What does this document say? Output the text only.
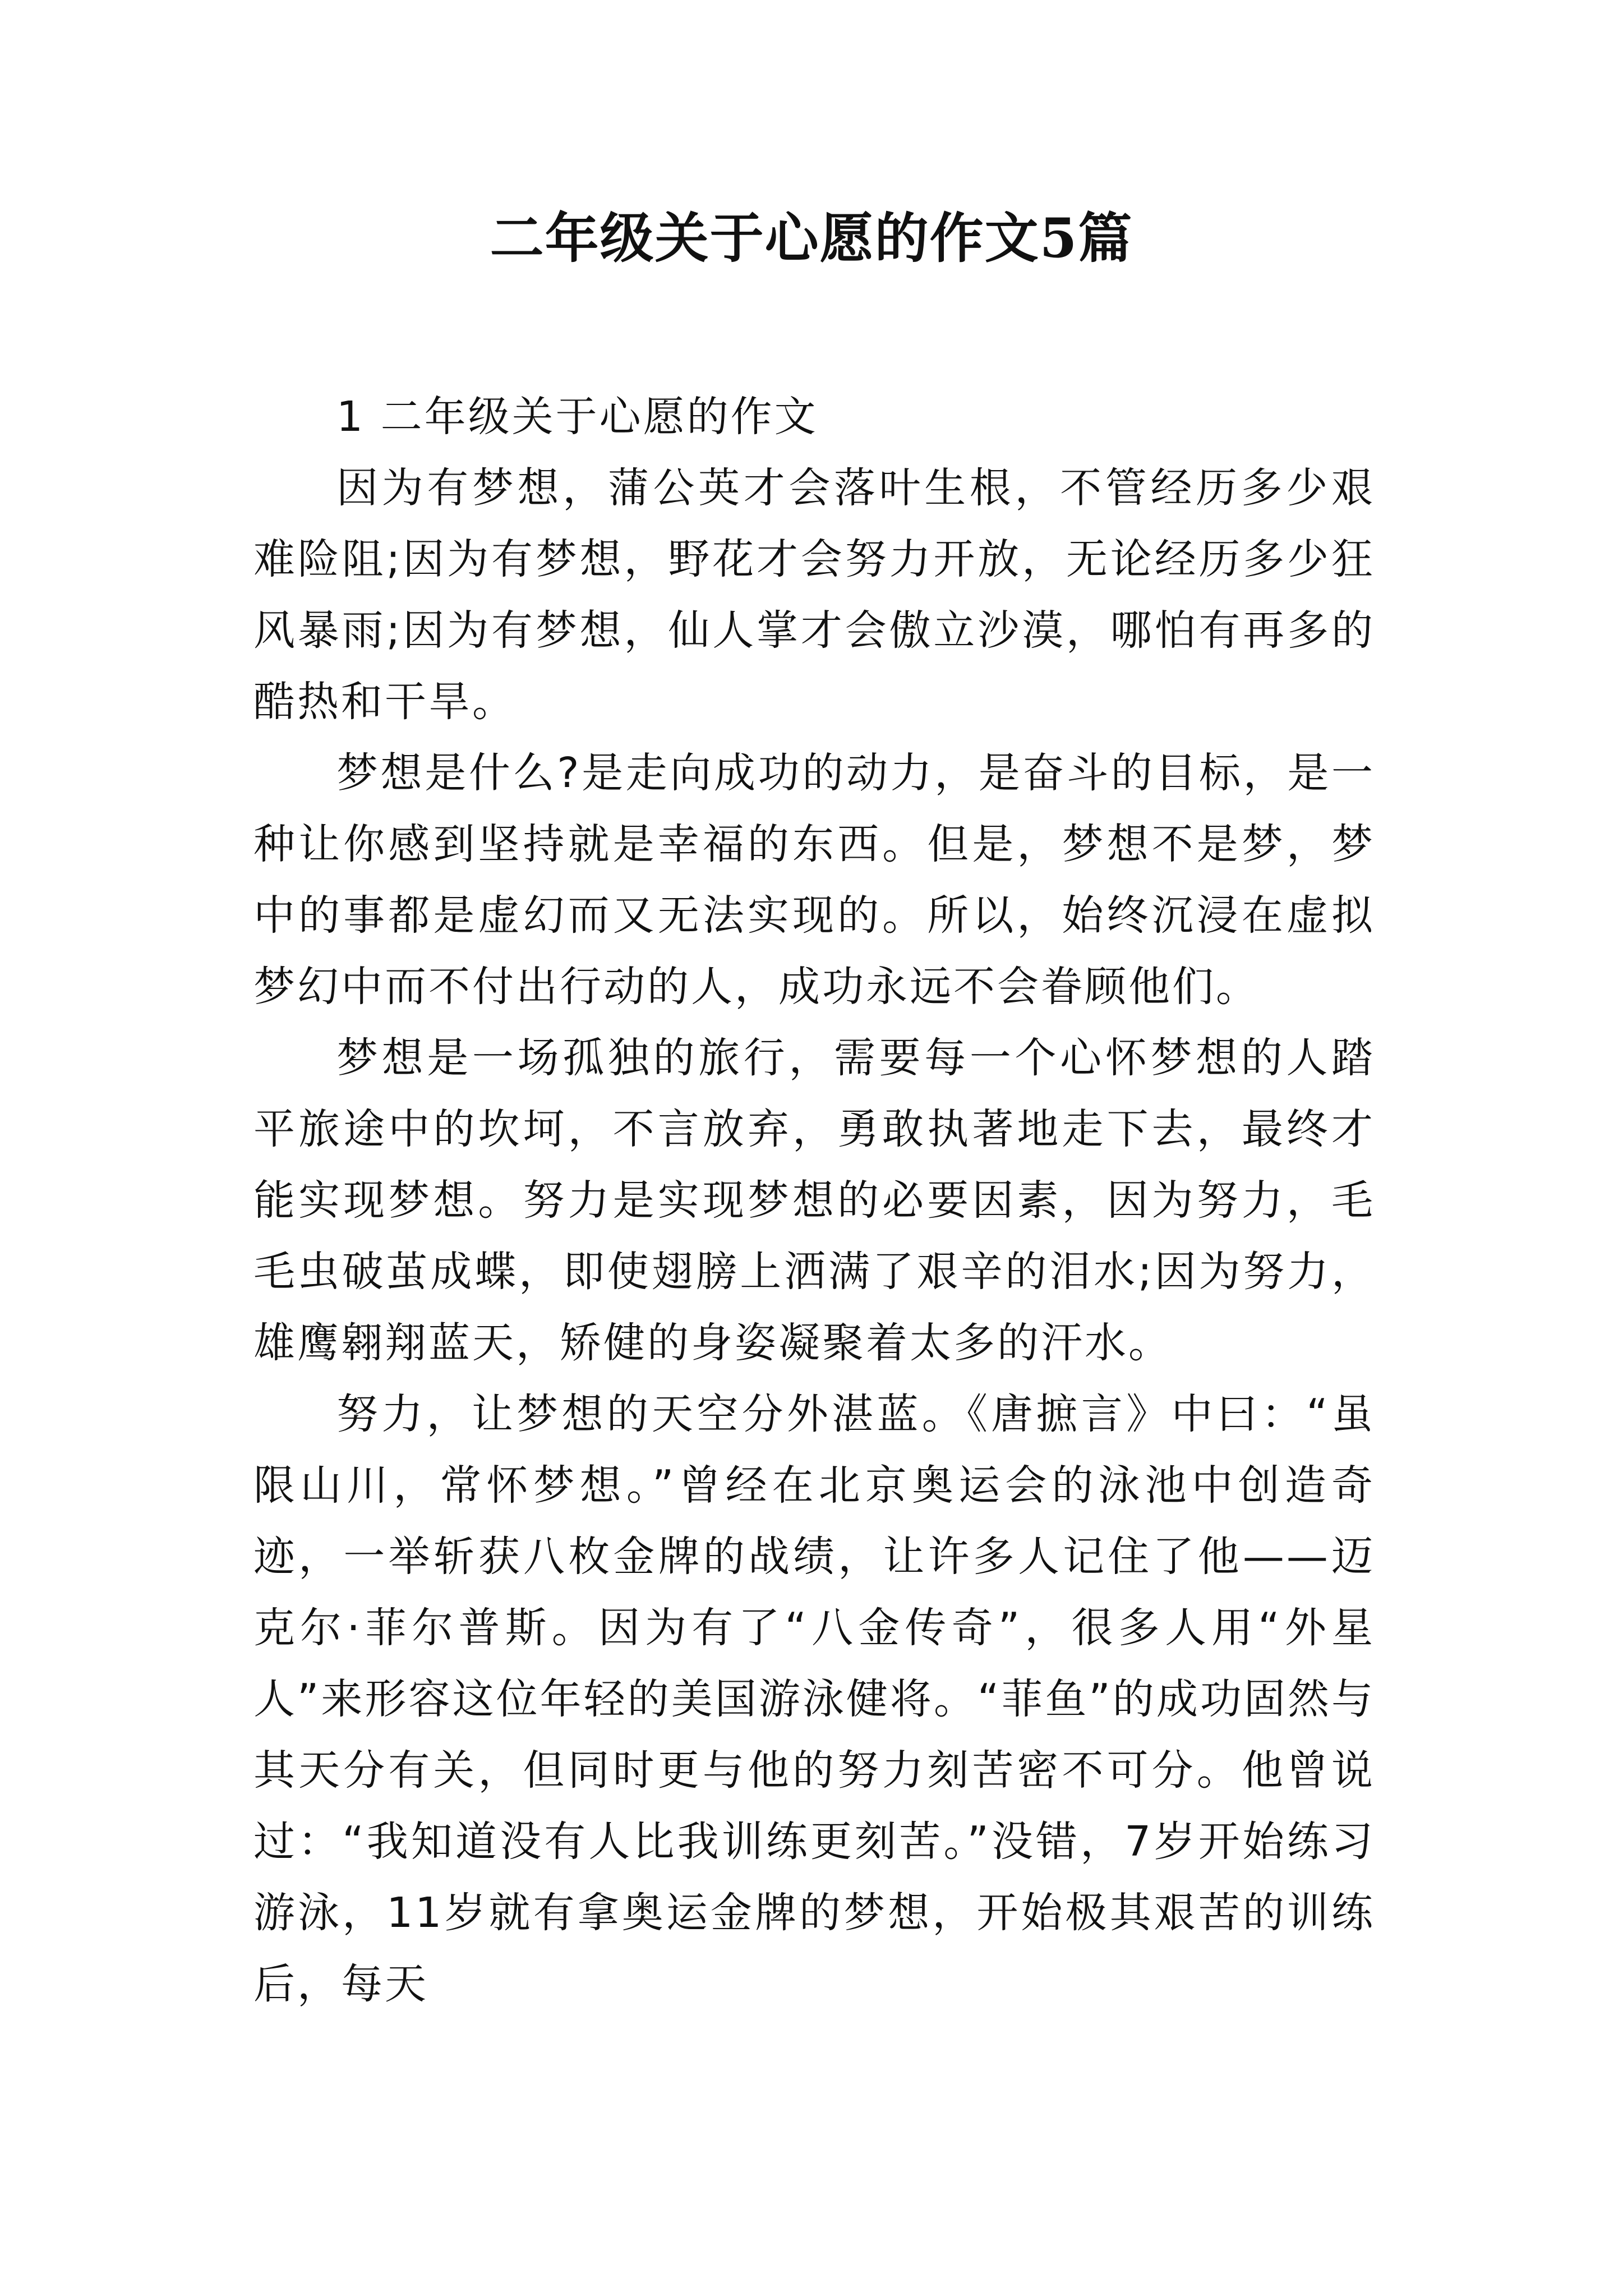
二年级关于心愿的作文5篇

1 二年级关于心愿的作文

因为有梦想，蒲公英才会落叶生根，不管经历多少艰难险阻;因为有梦想，野花才会努力开放，无论经历多少狂风暴雨;因为有梦想，仙人掌才会傲立沙漠，哪怕有再多的酷热和干旱。

梦想是什么?是走向成功的动力，是奋斗的目标，是一种让你感到坚持就是幸福的东西。但是，梦想不是梦，梦中的事都是虚幻而又无法实现的。所以，始终沉浸在虚拟梦幻中而不付出行动的人，成功永远不会眷顾他们。

梦想是一场孤独的旅行，需要每一个心怀梦想的人踏平旅途中的坎坷，不言放弃，勇敢执著地走下去，最终才能实现梦想。努力是实现梦想的必要因素，因为努力，毛毛虫破茧成蝶，即使翅膀上洒满了艰辛的泪水;因为努力，雄鹰翱翔蓝天，矫健的身姿凝聚着太多的汗水。

努力，让梦想的天空分外湛蓝。《唐摭言》中曰：“虽限山川，常怀梦想。”曾经在北京奥运会的泳池中创造奇迹，一举斩获八枚金牌的战绩，让许多人记住了他——迈克尔·菲尔普斯。因为有了“八金传奇”，很多人用“外星人”来形容这位年轻的美国游泳健将。“菲鱼”的成功固然与其天分有关，但同时更与他的努力刻苦密不可分。他曾说过：“我知道没有人比我训练更刻苦。”没错，7岁开始练习游泳，11岁就有拿奥运金牌的梦想，开始极其艰苦的训练后，每天
